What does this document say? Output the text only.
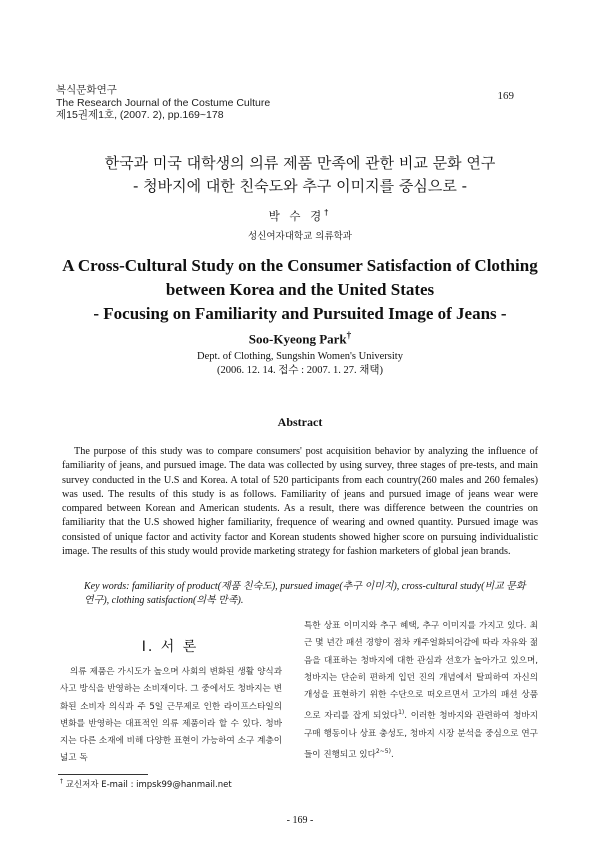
복식문화연구
The Research Journal of the Costume Culture
제15권제1호, (2007. 2), pp.169~178
169
한국과 미국 대학생의 의류 제품 만족에 관한 비교 문화 연구
- 청바지에 대한 친숙도와 추구 이미지를 중심으로 -
박 수 경†
성신여자대학교 의류학과
A Cross-Cultural Study on the Consumer Satisfaction of Clothing
between Korea and the United States
- Focusing on Familiarity and Pursuited Image of Jeans -
Soo-Kyeong Park†
Dept. of Clothing, Sungshin Women's University
(2006. 12. 14. 접수 : 2007. 1. 27. 채택)
Abstract
The purpose of this study was to compare consumers' post acquisition behavior by analyzing the influence of familiarity of jeans, and pursued image. The data was collected by using survey, three stages of pre-tests, and main survey conducted in the U.S and Korea. A total of 520 participants from each country(260 males and 260 females) was used. The results of this study is as follows. Familiarity of jeans and pursued image of jeans wear were compared between Korean and American students. As a result, there was difference between the countries on familiarity that the U.S showed higher familiarity, frequence of wearing and owned quantity. Pursued image was consisted of unique factor and activity factor and Korean students showed higher score on pursuing individualistic image. The results of this study would provide marketing strategy for fashion marketers of global jean brands.
Key words: familiarity of product(제품 친숙도), pursued image(추구 이미지), cross-cultural study(비교 문화 연구), clothing satisfaction(의복 만족).
Ⅰ. 서 론
의류 제품은 가시도가 높으며 사회의 변화된 생활 양식과 사고 방식을 반영하는 소비재이다. 그 중에서도 청바지는 변화된 소비자 의식과 주 5일 근무제로 인한 라이프스타일의 변화를 반영하는 대표적인 의류 제품이라 할 수 있다. 청바지는 다른 소재에 비해 다양한 표현이 가능하여 소구 계층이 넓고 독
특한 상표 이미지와 추구 혜택, 추구 이미지를 가지고 있다. 최근 몇 년간 패션 경향이 점차 캐주얼화되어감에 따라 자유와 젊음을 대표하는 청바지에 대한 관심과 선호가 높아가고 있으며, 청바지는 단순히 편하게 입던 진의 개념에서 탈피하여 자신의 개성을 표현하기 위한 수단으로 떠오르면서 고가의 패션 상품으로 자리를 잡게 되었다$^{1)}$. 이러한 청바지와 관련하여 청바지 구매 행동이나 상표 충성도, 청바지 시장 분석을 중심으로 연구들이 진행되고 있다$^{2\sim 5)}$.
† 교신저자 E-mail : impsk99@hanmail.net
- 169 -
